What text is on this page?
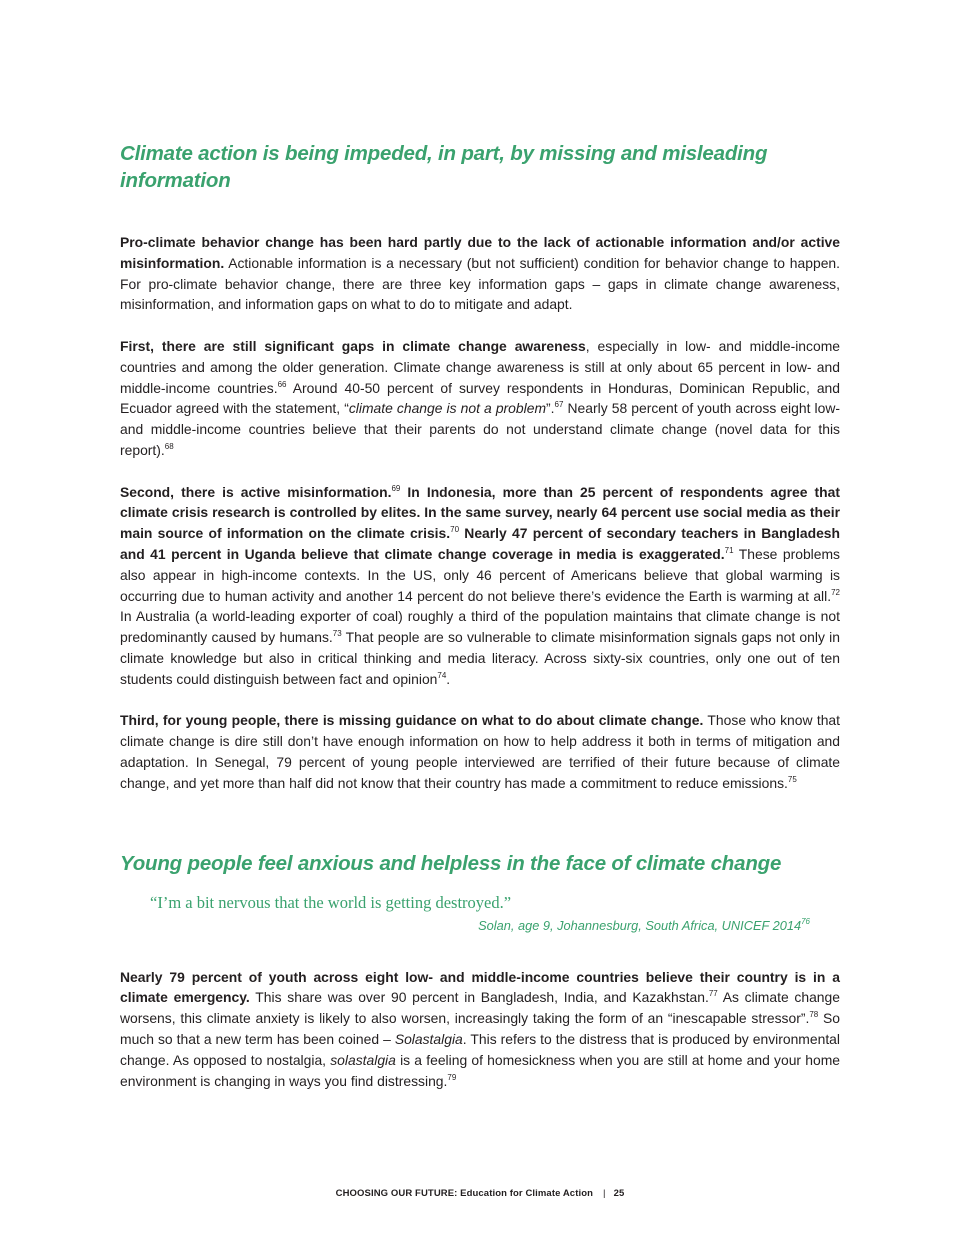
Climate action is being impeded, in part, by missing and misleading information

Pro-climate behavior change has been hard partly due to the lack of actionable information and/or active misinformation. Actionable information is a necessary (but not sufficient) condition for behavior change to happen. For pro-climate behavior change, there are three key information gaps – gaps in climate change awareness, misinformation, and information gaps on what to do to mitigate and adapt.

First, there are still significant gaps in climate change awareness, especially in low- and middle-income countries and among the older generation. Climate change awareness is still at only about 65 percent in low- and middle-income countries.$^{66}$ Around 40-50 percent of survey respondents in Honduras, Dominican Republic, and Ecuador agreed with the statement, “climate change is not a problem”.$^{67}$ Nearly 58 percent of youth across eight low- and middle-income countries believe that their parents do not understand climate change (novel data for this report).$^{68}$

Second, there is active misinformation.$^{69}$ In Indonesia, more than 25 percent of respondents agree that climate crisis research is controlled by elites. In the same survey, nearly 64 percent use social media as their main source of information on the climate crisis.$^{70}$ Nearly 47 percent of secondary teachers in Bangladesh and 41 percent in Uganda believe that climate change coverage in media is exaggerated.$^{71}$ These problems also appear in high-income contexts. In the US, only 46 percent of Americans believe that global warming is occurring due to human activity and another 14 percent do not believe there’s evidence the Earth is warming at all.$^{72}$ In Australia (a world-leading exporter of coal) roughly a third of the population maintains that climate change is not predominantly caused by humans.$^{73}$ That people are so vulnerable to climate misinformation signals gaps not only in climate knowledge but also in critical thinking and media literacy. Across sixty-six countries, only one out of ten students could distinguish between fact and opinion$^{74}$.

Third, for young people, there is missing guidance on what to do about climate change. Those who know that climate change is dire still don’t have enough information on how to help address it both in terms of mitigation and adaptation. In Senegal, 79 percent of young people interviewed are terrified of their future because of climate change, and yet more than half did not know that their country has made a commitment to reduce emissions.$^{75}$

Young people feel anxious and helpless in the face of climate change
“I’m a bit nervous that the world is getting destroyed.”
Solan, age 9, Johannesburg, South Africa, UNICEF 2014$^{76}$

Nearly 79 percent of youth across eight low- and middle-income countries believe their country is in a climate emergency. This share was over 90 percent in Bangladesh, India, and Kazakhstan.$^{77}$ As climate change worsens, this climate anxiety is likely to also worsen, increasingly taking the form of an “inescapable stressor”.$^{78}$ So much so that a new term has been coined – Solastalgia. This refers to the distress that is produced by environmental change. As opposed to nostalgia, solastalgia is a feeling of homesickness when you are still at home and your home environment is changing in ways you find distressing.$^{79}$

CHOOSING OUR FUTURE: Education for Climate Action | 25
